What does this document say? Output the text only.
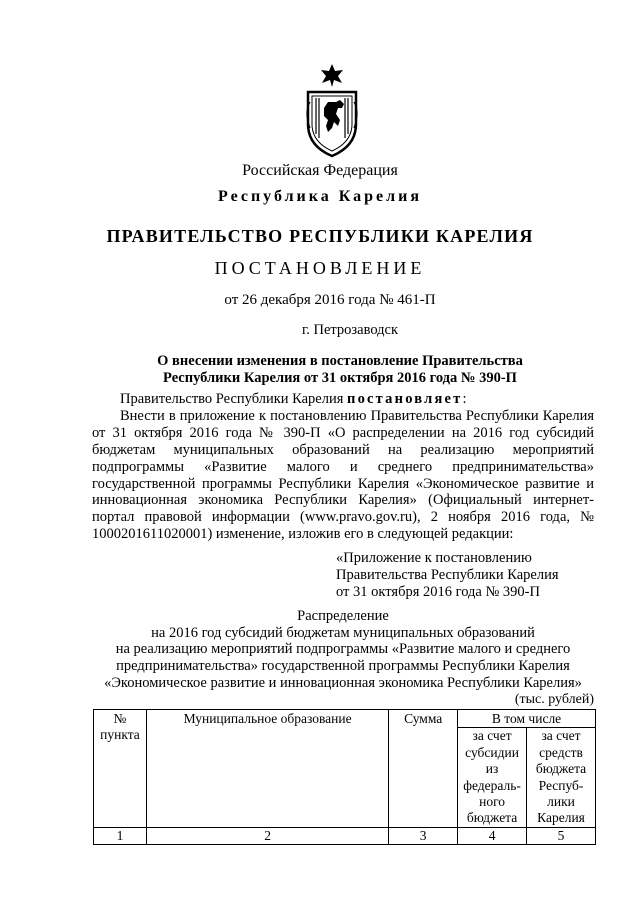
Российская Федерация
Республика Карелия
ПРАВИТЕЛЬСТВО РЕСПУБЛИКИ КАРЕЛИЯ
ПОСТАНОВЛЕНИЕ
от 26 декабря 2016 года № 461-П
г. Петрозаводск
О внесении изменения в постановление Правительства
Республики Карелия от 31 октября 2016 года № 390-П

Правительство Республики Карелия постановляет:

Внести в приложение к постановлению Правительства Республики Карелия от 31 октября 2016 года № 390-П «О распределении на 2016 год субсидий бюджетам муниципальных образований на реализацию мероприятий подпрограммы «Развитие малого и среднего предпринимательства» государственной программы Республики Карелия «Экономическое развитие и инновационная экономика Республики Карелия» (Официальный интернет-портал правовой информации (www.pravo.gov.ru), 2 ноября 2016 года, № 1000201611020001) изменение, изложив его в следующей редакции:

«Приложение к постановлению
Правительства Республики Карелия
от 31 октября 2016 года № 390-П
Распределение
на 2016 год субсидий бюджетам муниципальных образований
на реализацию мероприятий подпрограммы «Развитие малого и среднего
предпринимательства» государственной программы Республики Карелия
«Экономическое развитие и инновационная экономика Республики Карелия»
(тыс. рублей)
№ пункта	Муниципальное образование	Сумма	В том числе	
			за счет субсидии из федераль-ного бюджета	за счет средств бюджета Респуб-лики Карелия
1	2	3	4	5
